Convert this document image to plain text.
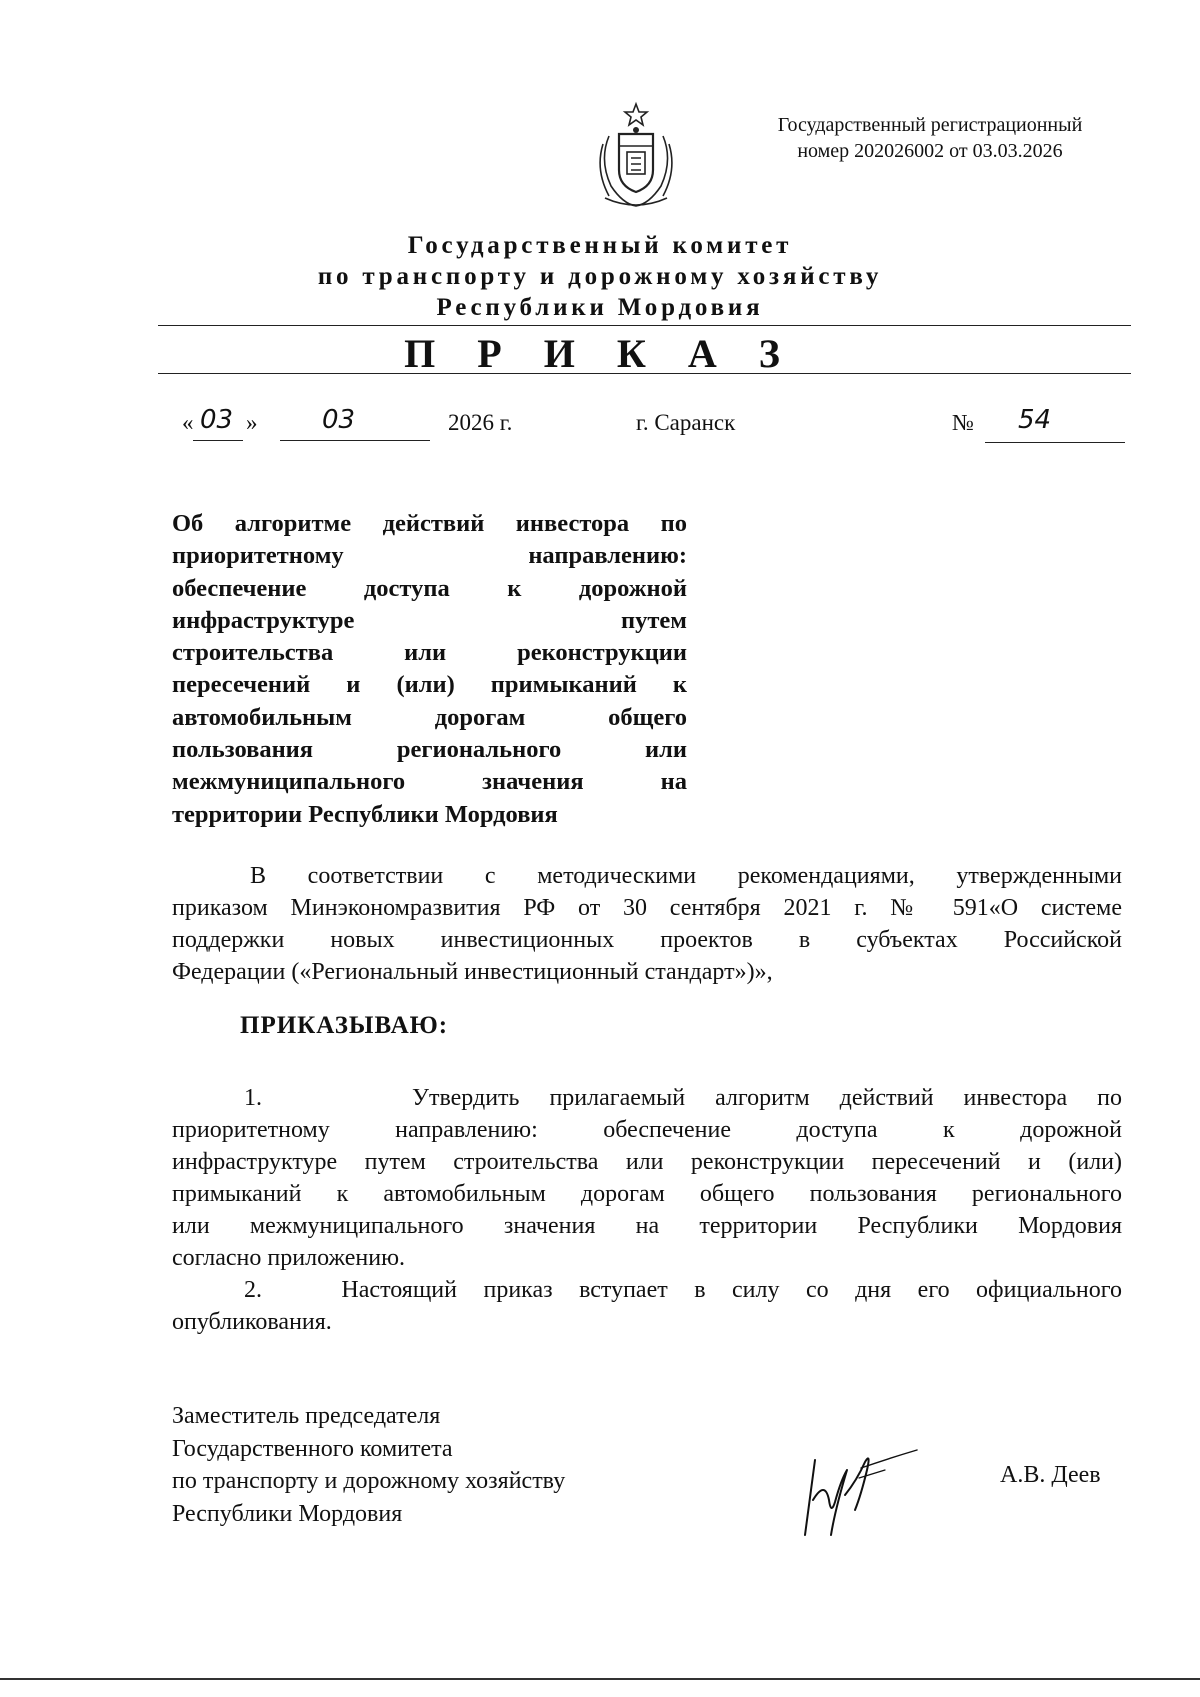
Государственный регистрационный
номер 202026002 от 03.03.2026
Государственный комитет
по транспорту и дорожному хозяйству
Республики Мордовия
П Р И К А З
« 03 » 03	2026 г.	г. Саранск	№ 54
Об алгоритме действий инвестора по
приоритетному направлению:
обеспечение доступа к дорожной
инфраструктуре путем
строительства или реконструкции
пересечений и (или) примыканий к
автомобильным дорогам общего
пользования регионального или
межмуниципального значения на
территории Республики Мордовия
В соответствии с методическими рекомендациями, утвержденными
приказом Минэкономразвития РФ от 30 сентября 2021 г. № 591«О системе
поддержки новых инвестиционных проектов в субъектах Российской
Федерации («Региональный инвестиционный стандарт»)»,
ПРИКАЗЫВАЮ:
1.     Утвердить прилагаемый алгоритм действий инвестора по
приоритетному направлению: обеспечение доступа к дорожной
инфраструктуре путем строительства или реконструкции пересечений и (или)
примыканий к автомобильным дорогам общего пользования регионального
или межмуниципального значения на территории Республики Мордовия
согласно приложению.
2.   Настоящий приказ вступает в силу со дня его официального
опубликования.
Заместитель председателя
Государственного комитета
по транспорту и дорожному хозяйству
Республики Мордовия
А.В. Деев
